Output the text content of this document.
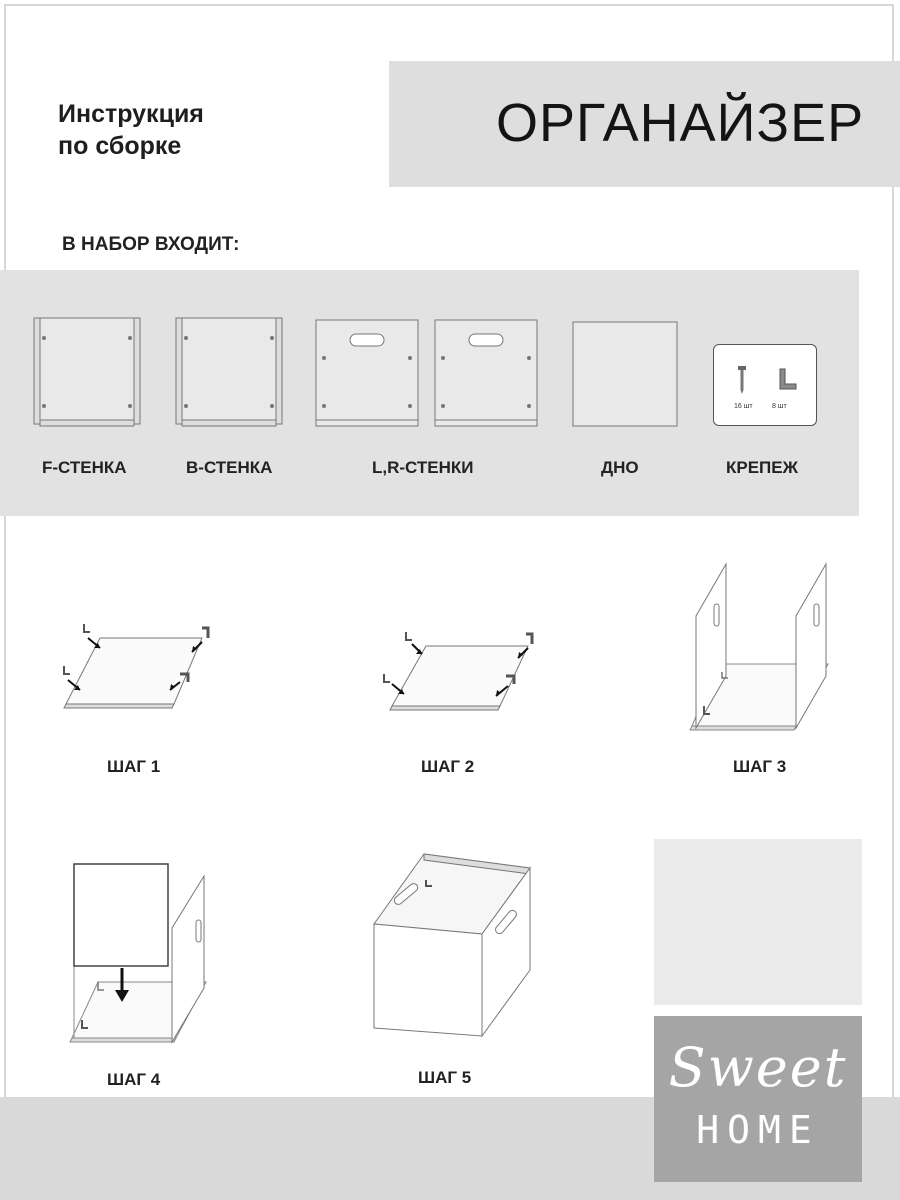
Инструкция
по сборке	ОРГАНАЙЗЕР
В НАБОР ВХОДИТ:
16 шт	8 шт
F-СТЕНКА	B-СТЕНКА	L,R-СТЕНКИ	ДНО	КРЕПЕЖ
ШАГ 1	ШАГ 2	ШАГ 3
ШАГ 4	ШАГ 5	Sweet
HOME
